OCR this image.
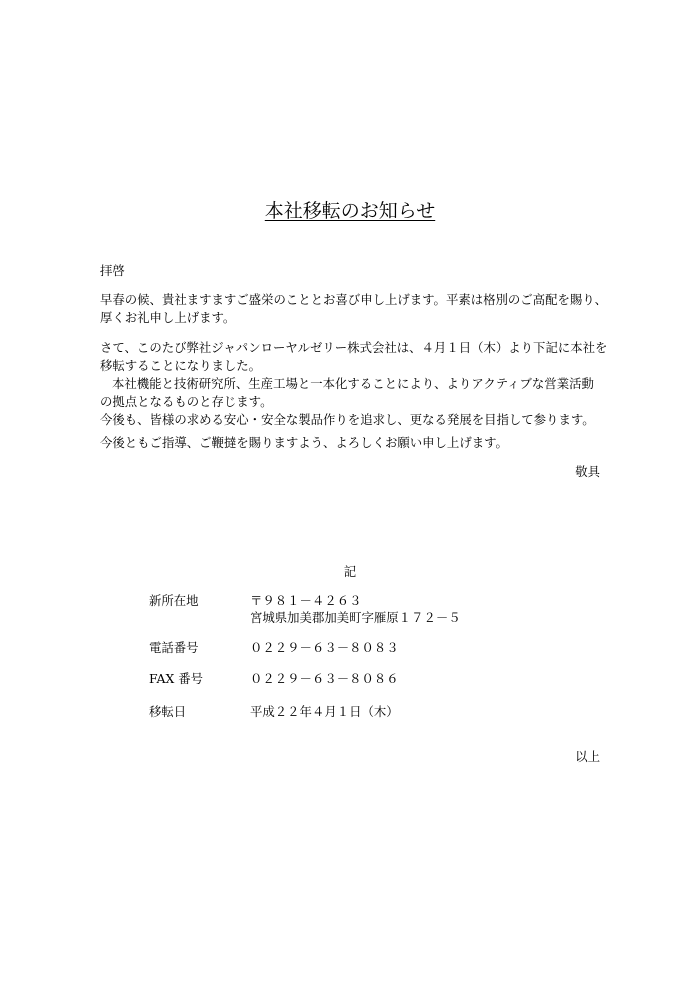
本社移転のお知らせ
拝啓
早春の候、貴社ますますご盛栄のこととお喜び申し上げます。平素は格別のご高配を賜り、
厚くお礼申し上げます。
さて、このたび弊社ジャパンローヤルゼリー株式会社は、４月１日（木）より下記に本社を
移転することになりました。
本社機能と技術研究所、生産工場と一本化することにより、よりアクティブな営業活動
の拠点となるものと存じます。
今後も、皆様の求める安心・安全な製品作りを追求し、更なる発展を目指して参ります。
今後ともご指導、ご鞭撻を賜りますよう、よろしくお願い申し上げます。
敬具
記
新所在地	〒９８１－４２６３
宮城県加美郡加美町字雁原１７２－５
電話番号	０２２９－６３－８０８３
FAX 番号	０２２９－６３－８０８６
移転日	平成２２年４月１日（木）
以上
